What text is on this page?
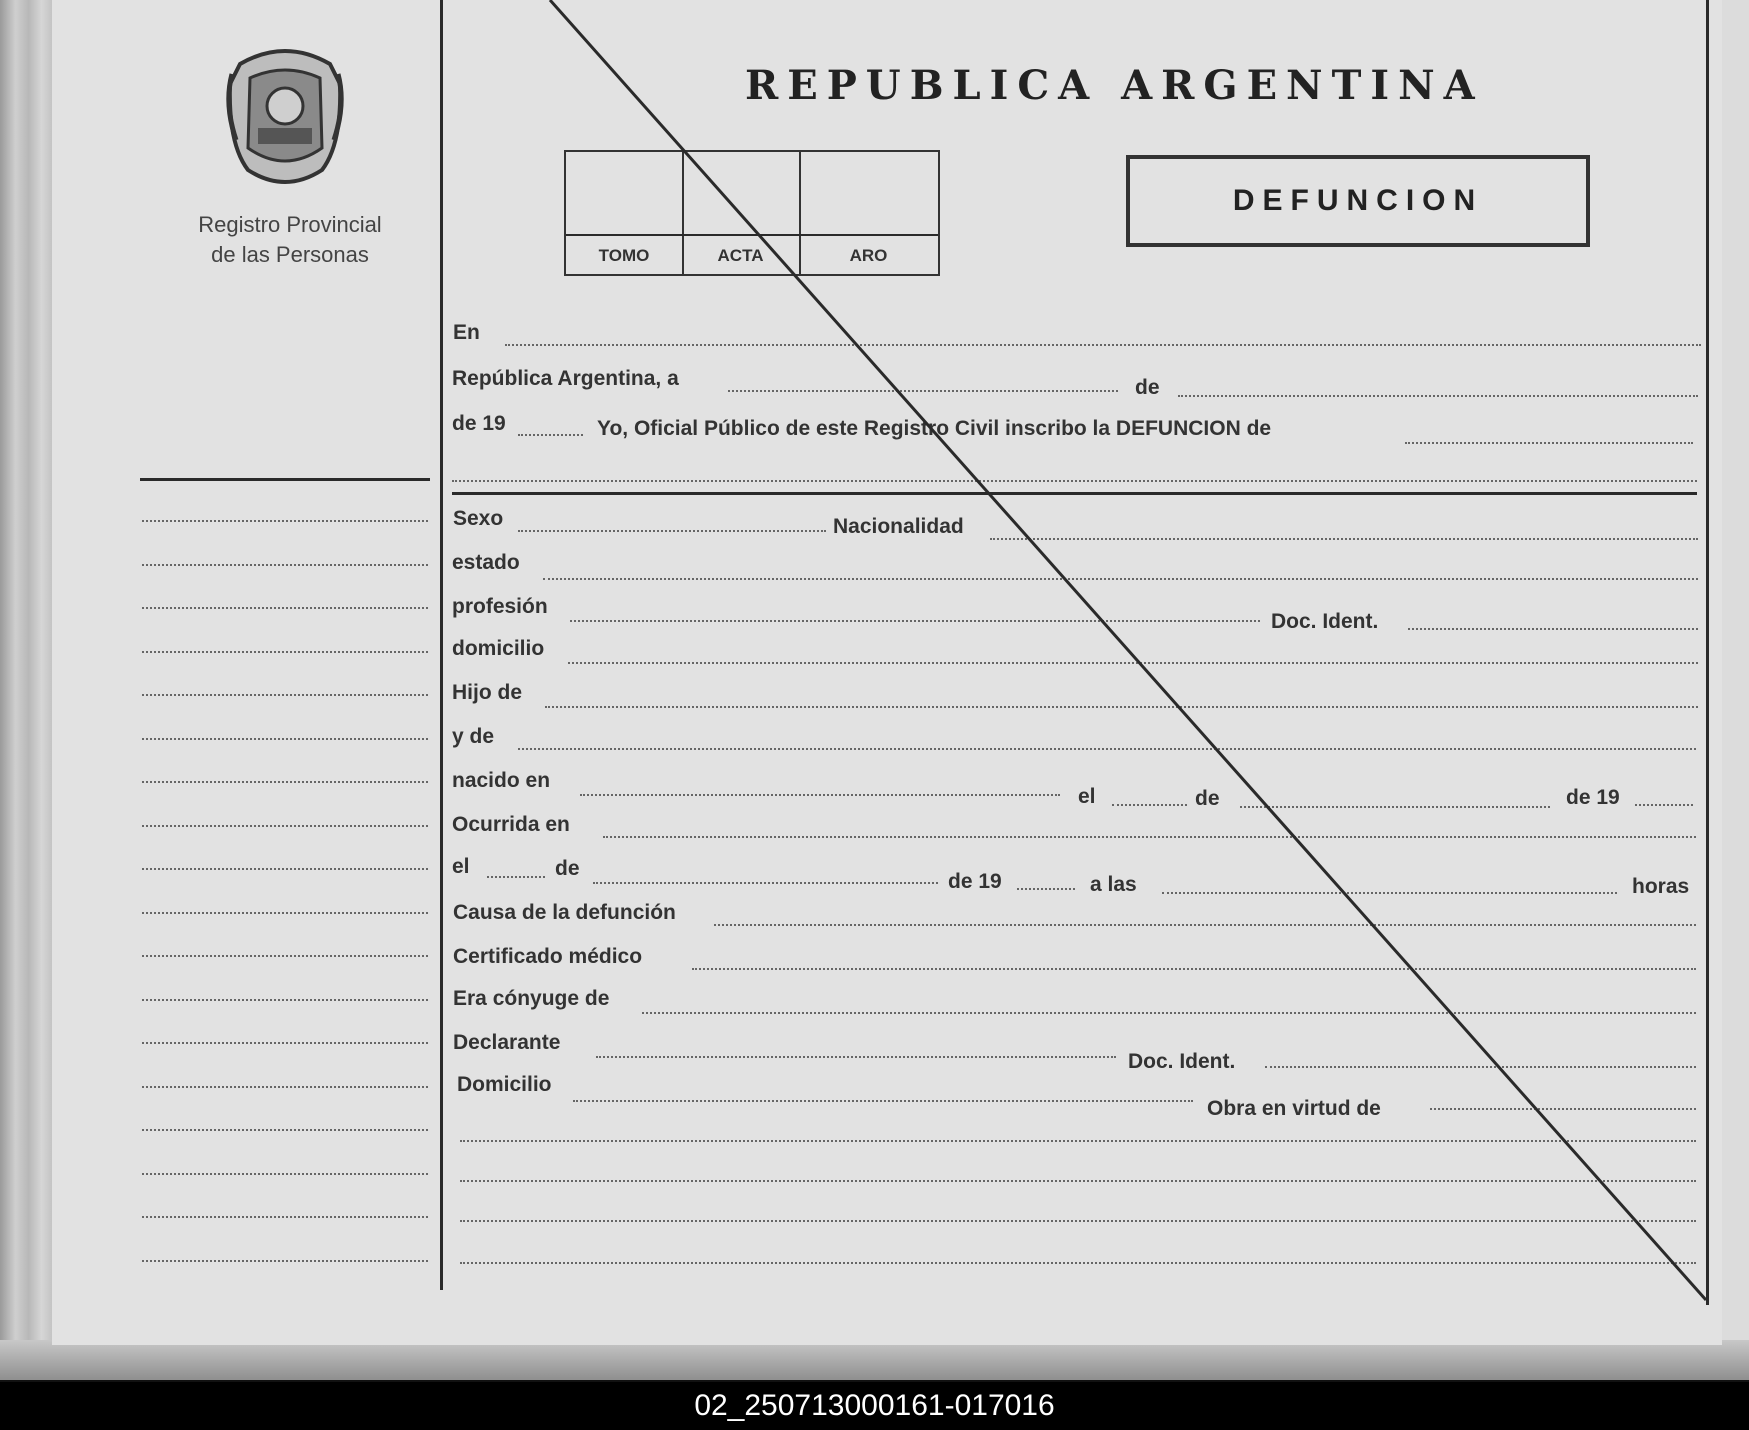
Registro Provincial
de las Personas
REPUBLICA ARGENTINA
TOMO	ACTA	ARO
DEFUNCION
En
República Argentina, a	de
de 19	Yo, Oficial Público de este Registro Civil inscribo la DEFUNCION de
Sexo	Nacionalidad
estado
profesión
Doc. Ident.
domicilio
Hijo de
y de
nacido en
el	de	de 19
Ocurrida en
el	de
de 19	a las	horas
Causa de la defunción
Certificado médico
Era cónyuge de
Declarante
Doc. Ident.
Domicilio
Obra en virtud de
02_250713000161-017016
